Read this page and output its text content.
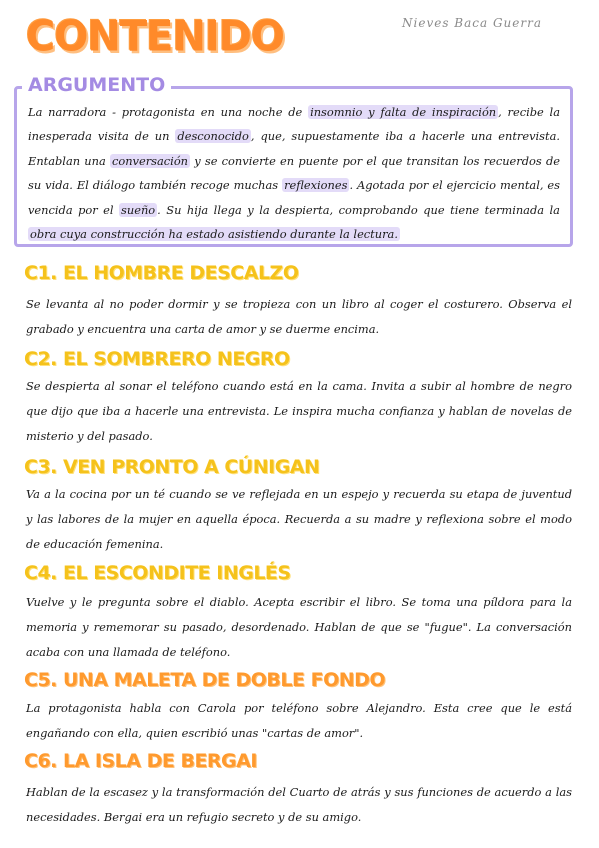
CONTENIDO	Nieves Baca Guerra
ARGUMENTO
La narradora - protagonista en una noche de insomnio y falta de inspiración , recibe la inesperada visita de un desconocido , que, supuestamente iba a hacerle una entrevista. Entablan una conversación y se convierte en puente por el que transitan los recuerdos de su vida. El diálogo también recoge muchas reflexiones . Agotada por el ejercicio mental, es vencida por el sueño . Su hija llega y la despierta, comprobando que tiene terminada la obra cuya construcción ha estado asistiendo durante la lectura.
C1. EL HOMBRE DESCALZO
Se levanta al no poder dormir y se tropieza con un libro al coger el costurero. Observa el grabado y encuentra una carta de amor y se duerme encima.
C2. EL SOMBRERO NEGRO
Se despierta al sonar el teléfono cuando está en la cama. Invita a subir al hombre de negro que dijo que iba a hacerle una entrevista. Le inspira mucha confianza y hablan de novelas de misterio y del pasado.
C3. VEN PRONTO A CÚNIGAN
Va a la cocina por un té cuando se ve reflejada en un espejo y recuerda su etapa de juventud y las labores de la mujer en aquella época. Recuerda a su madre y reflexiona sobre el modo de educación femenina.
C4. EL ESCONDITE INGLÉS
Vuelve y le pregunta sobre el diablo. Acepta escribir el libro. Se toma una píldora para la memoria y rememorar su pasado, desordenado. Hablan de que se "fugue". La conversación acaba con una llamada de teléfono.
C5. UNA MALETA DE DOBLE FONDO
La protagonista habla con Carola por teléfono sobre Alejandro. Esta cree que le está engañando con ella, quien escribió unas "cartas de amor".
C6. LA ISLA DE BERGAI
Hablan de la escasez y la transformación del Cuarto de atrás y sus funciones de acuerdo a las necesidades. Bergai era un refugio secreto y de su amigo.
